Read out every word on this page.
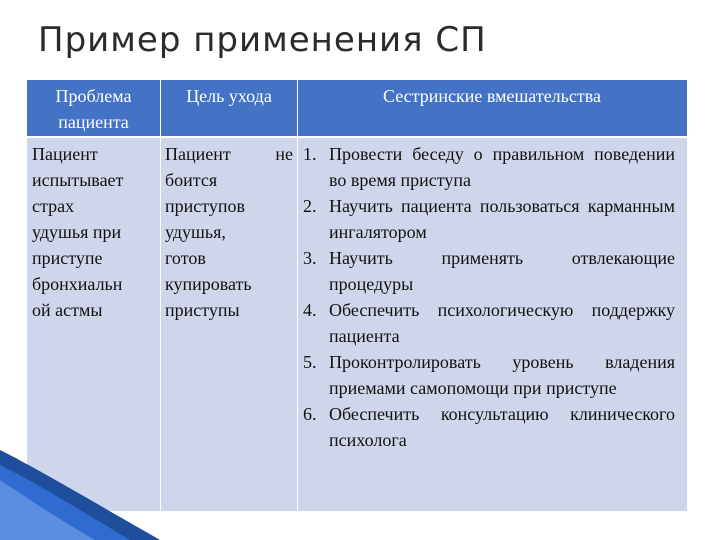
Пример применения СП
Проблема пациента
Цель ухода	Сестринские вмешательства
Пациент
испытывает
страх
удушья при
приступе
бронхиальн
ой астмы
Пациент не
боится
приступов
удушья,
готов
купировать
приступы
1. Провести беседу о правильном поведении во время приступа
2. Научить пациента пользоваться карманным ингалятором
3. Научить применять отвлекающие процедуры
4. Обеспечить психологическую поддержку пациента
5. Проконтролировать уровень владения приемами самопомощи при приступе
6. Обеспечить консультацию клинического психолога
